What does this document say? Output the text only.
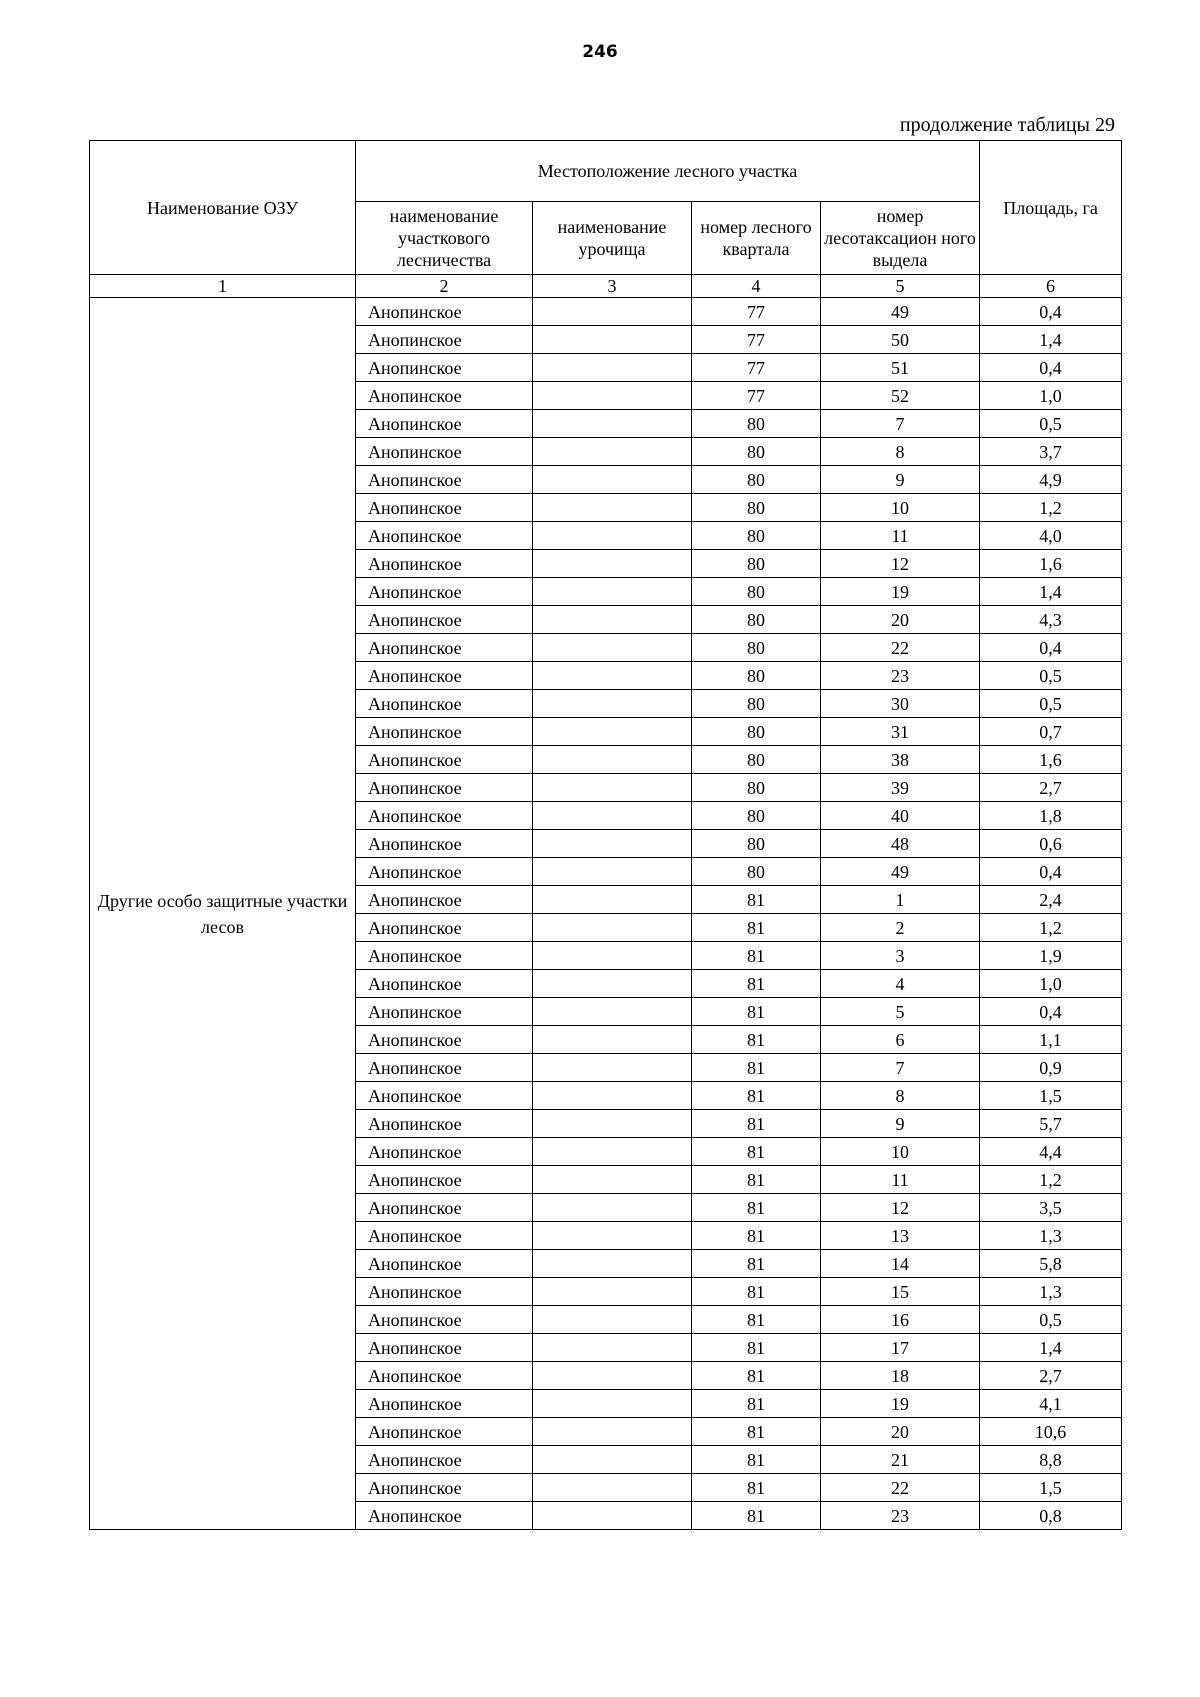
246
продолжение таблицы 29
Наименование ОЗУ	Местоположение лесного участка				Площадь, га
	наименование участкового лесничества	наименование урочища	номер лесного квартала	номер лесотаксацион ного выдела	
1	2	3	4	5	6
Другие особо защитные участки лесов	Анопинское		77	49	0,4
	Анопинское		77	50	1,4
	Анопинское		77	51	0,4
	Анопинское		77	52	1,0
	Анопинское		80	7	0,5
	Анопинское		80	8	3,7
	Анопинское		80	9	4,9
	Анопинское		80	10	1,2
	Анопинское		80	11	4,0
	Анопинское		80	12	1,6
	Анопинское		80	19	1,4
	Анопинское		80	20	4,3
	Анопинское		80	22	0,4
	Анопинское		80	23	0,5
	Анопинское		80	30	0,5
	Анопинское		80	31	0,7
	Анопинское		80	38	1,6
	Анопинское		80	39	2,7
	Анопинское		80	40	1,8
	Анопинское		80	48	0,6
	Анопинское		80	49	0,4
	Анопинское		81	1	2,4
	Анопинское		81	2	1,2
	Анопинское		81	3	1,9
	Анопинское		81	4	1,0
	Анопинское		81	5	0,4
	Анопинское		81	6	1,1
	Анопинское		81	7	0,9
	Анопинское		81	8	1,5
	Анопинское		81	9	5,7
	Анопинское		81	10	4,4
	Анопинское		81	11	1,2
	Анопинское		81	12	3,5
	Анопинское		81	13	1,3
	Анопинское		81	14	5,8
	Анопинское		81	15	1,3
	Анопинское		81	16	0,5
	Анопинское		81	17	1,4
	Анопинское		81	18	2,7
	Анопинское		81	19	4,1
	Анопинское		81	20	10,6
	Анопинское		81	21	8,8
	Анопинское		81	22	1,5
	Анопинское		81	23	0,8
